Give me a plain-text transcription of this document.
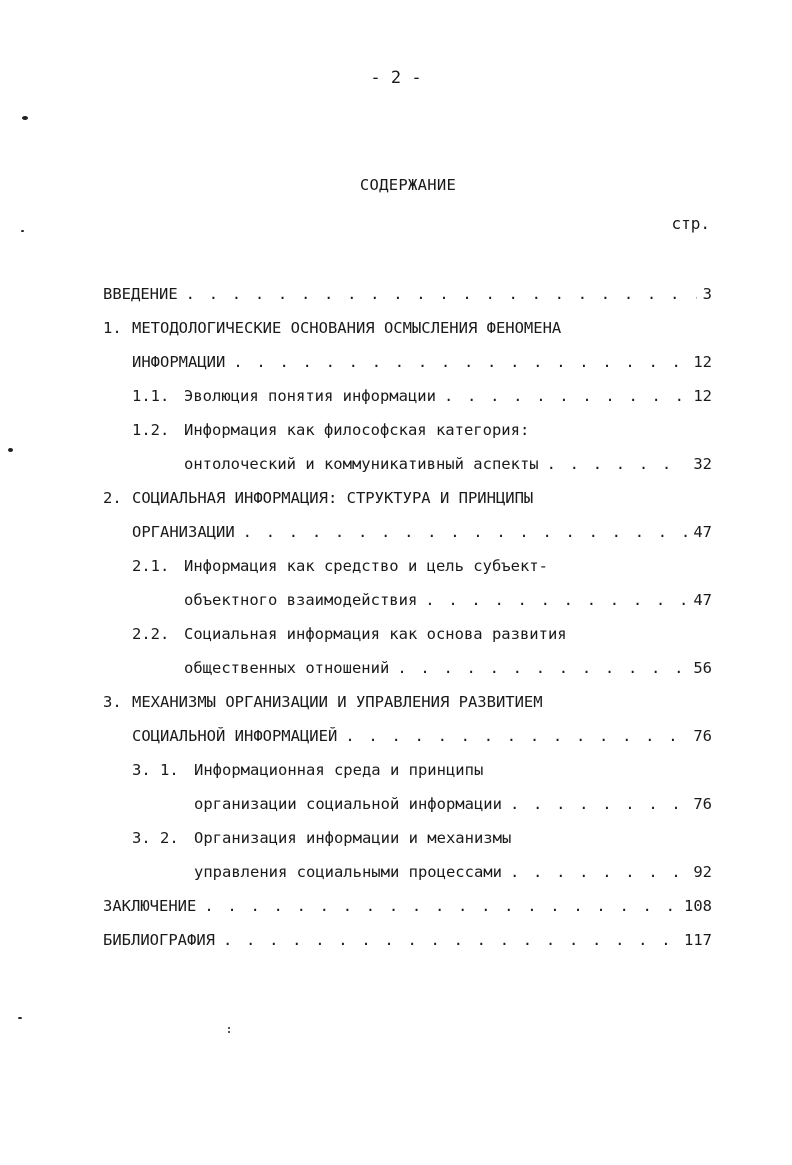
- 2 -
СОДЕРЖАНИЕ
стр.
ВВЕДЕНИЕ . . .	3
1. МЕТОДОЛОГИЧЕСКИЕ ОСНОВАНИЯ ОСМЫСЛЕНИЯ ФЕНОМЕНА
ИНФОРМАЦИИ . . .	12
1.1. Эволюция понятия информации . . .	12
1.2. Информация как философская категория:
онтолоческий и коммуникативный аспекты . . .	32
2. СОЦИАЛЬНАЯ ИНФОРМАЦИЯ: СТРУКТУРА И ПРИНЦИПЫ
ОРГАНИЗАЦИИ . . .	47
2.1. Информация как средство и цель субъект-
объектного взаимодействия . . .	47
2.2. Социальная информация как основа развития
общественных отношений . . .	56
3. МЕХАНИЗМЫ ОРГАНИЗАЦИИ И УПРАВЛЕНИЯ РАЗВИТИЕМ
СОЦИАЛЬНОЙ ИНФОРМАЦИЕЙ . . .	76
3. 1. Информационная среда и принципы
организации социальной информации . . .	76
3. 2. Организация информации и механизмы
управления социальными процессами . . .	92
ЗАКЛЮЧЕНИЕ . . .	108
БИБЛИОГРАФИЯ . . .	117
